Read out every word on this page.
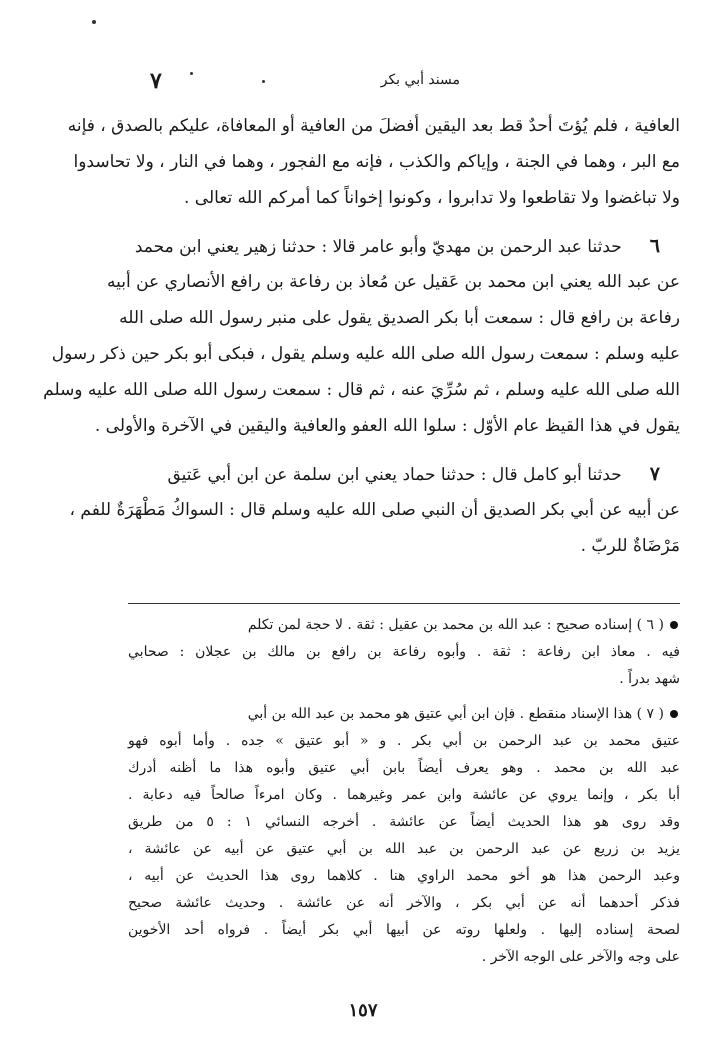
مسند أبي بكر
٧
العافية ، فلم يُؤتَ أحدٌ قط بعد اليقين أفضلَ من العافية أو المعافاة، عليكم بالصدق ، فإنه
مع البر ، وهما في الجنة ، وإياكم والكذب ، فإنه مع الفجور ، وهما في النار ، ولا تحاسدوا
ولا تباغضوا ولا تقاطعوا ولا تدابروا ، وكونوا إخواناً كما أمركم الله تعالى .
٦حدثنا عبد الرحمن بن مهديّ وأبو عامر قالا : حدثنا زهير يعني ابن محمد
عن عبد الله يعني ابن محمد بن عَقيل عن مُعاذ بن رفاعة بن رافع الأنصاري عن أبيه
رفاعة بن رافع قال : سمعت أبا بكر الصديق يقول على منبر رسول الله صلى الله
عليه وسلم : سمعت رسول الله صلى الله عليه وسلم يقول ، فبكى أبو بكر حين ذكر رسول
الله صلى الله عليه وسلم ، ثم سُرِّيَ عنه ، ثم قال : سمعت رسول الله صلى الله عليه وسلم
يقول في هذا القيظ عام الأوّل : سلوا الله العفو والعافية واليقين في الآخرة والأولى .
٧حدثنا أبو كامل قال : حدثنا حماد يعني ابن سلمة عن ابن أبي عَتيق
عن أبيه عن أبي بكر الصديق أن النبي صلى الله عليه وسلم قال : السواكُ مَطْهَرَةٌ للفم ،
مَرْضَاةٌ للربّ .
( ٦ ) إسناده صحيح : عبد الله بن محمد بن عقيل : ثقة . لا حجة لمن تكلم
فيه . معاذ ابن رفاعة : ثقة . وأبوه رفاعة بن رافع بن مالك بن عجلان : صحابي
شهد بدراً .
( ٧ ) هذا الإسناد منقطع . فإن ابن أبي عتيق هو محمد بن عبد الله بن أبي
عتيق محمد بن عبد الرحمن بن أبي بكر . و « أبو عتيق » جده . وأما أبوه فهو
عبد الله بن محمد . وهو يعرف أيضاً بابن أبي عتيق وأبوه هذا ما أظنه أدرك
أبا بكر ، وإنما يروي عن عائشة وابن عمر وغيرهما . وكان امرءاً صالحاً فيه دعابة .
وقد روى هو هذا الحديث أيضاً عن عائشة . أخرجه النسائي ١ : ٥ من طريق
يزيد بن زريع عن عبد الرحمن بن عبد الله بن أبي عتيق عن أبيه عن عائشة ،
وعبد الرحمن هذا هو أخو محمد الراوي هنا . كلاهما روى هذا الحديث عن أبيه ،
فذكر أحدهما أنه عن أبي بكر ، والآخر أنه عن عائشة . وحديث عائشة صحيح
لصحة إسناده إليها . ولعلها روته عن أبيها أبي بكر أيضاً . فرواه أحد الأخوين
على وجه والآخر على الوجه الآخر .
١٥٧
